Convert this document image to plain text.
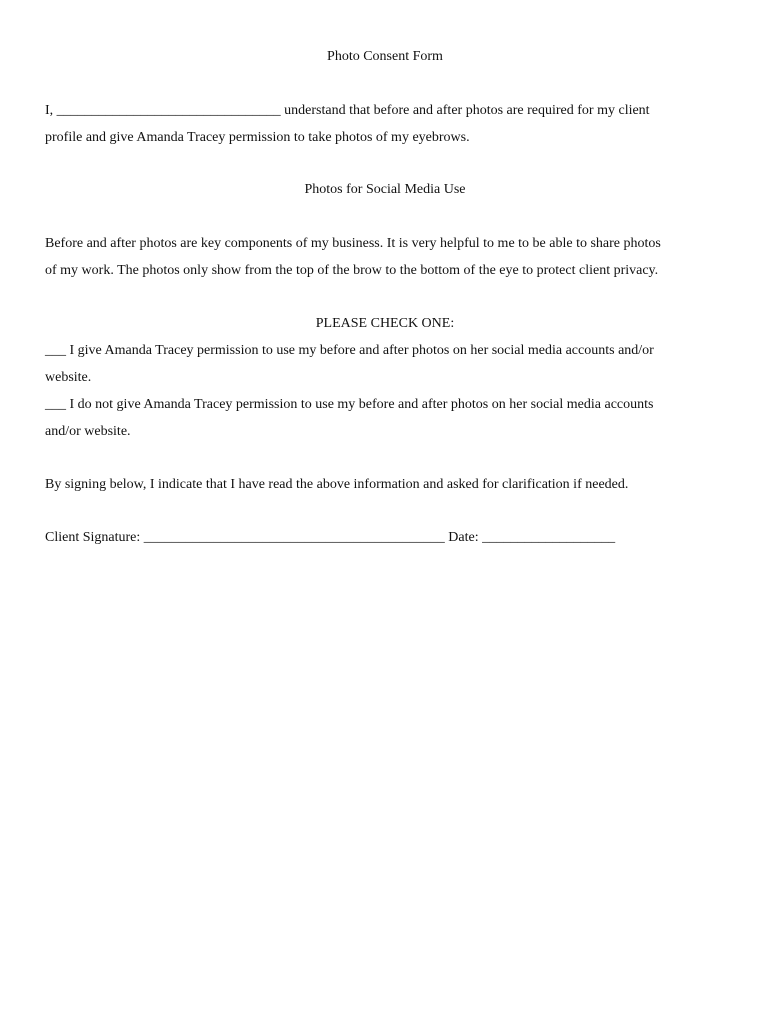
Photo Consent Form
I, ________________________________ understand that before and after photos are required for my client
profile and give Amanda Tracey permission to take photos of my eyebrows.
Photos for Social Media Use
Before and after photos are key components of my business. It is very helpful to me to be able to share photos
of my work. The photos only show from the top of the brow to the bottom of the eye to protect client privacy.
PLEASE CHECK ONE:
___ I give Amanda Tracey permission to use my before and after photos on her social media accounts and/or
website.
___ I do not give Amanda Tracey permission to use my before and after photos on her social media accounts
and/or website.
By signing below, I indicate that I have read the above information and asked for clarification if needed.
Client Signature: ___________________________________________ Date: ___________________
